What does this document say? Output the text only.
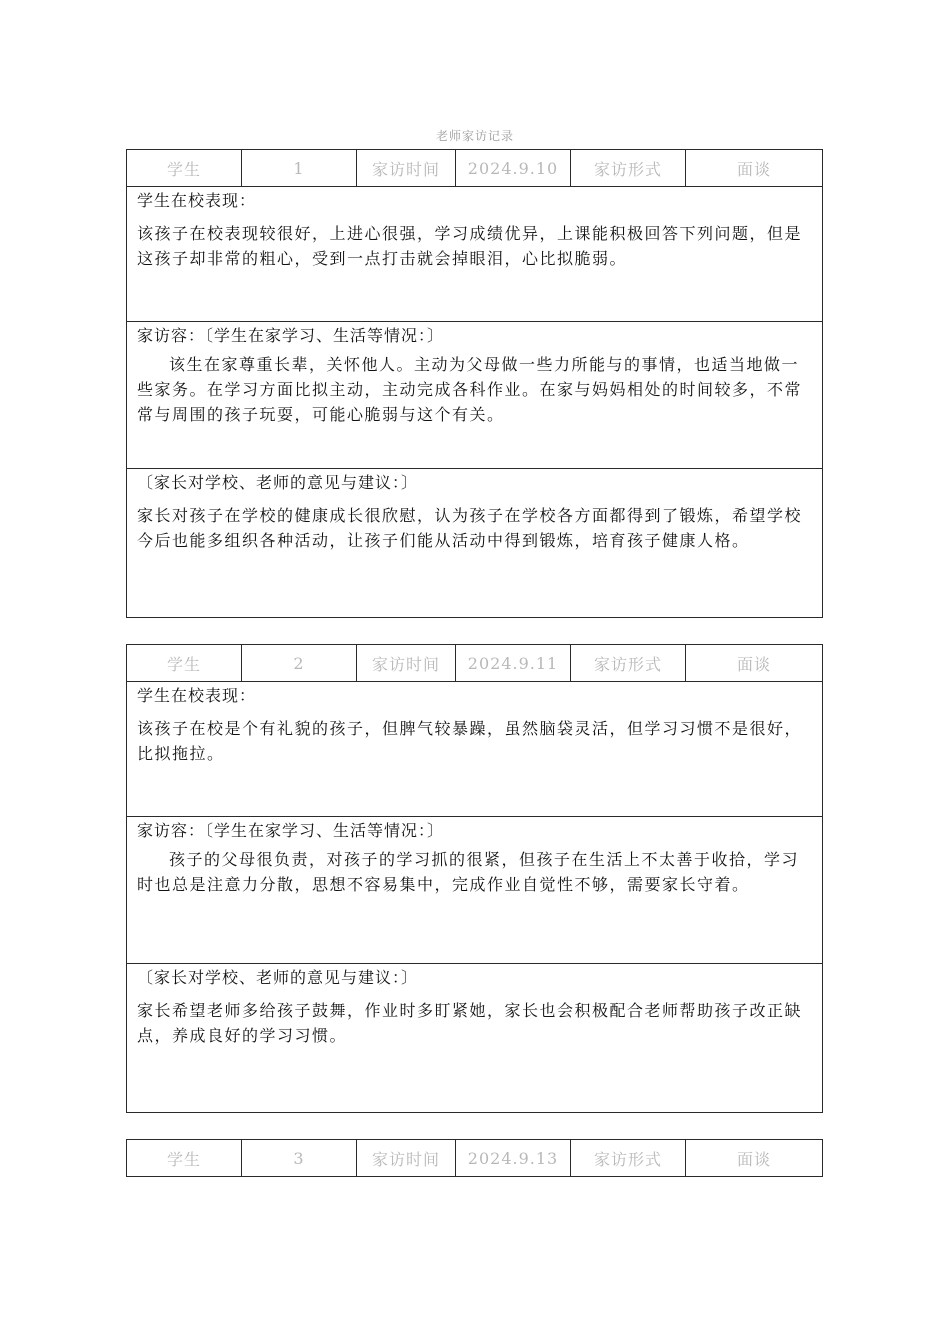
老师家访记录
学生	1	家访时间	2024.9.10	家访形式	面谈
学生在校表现：
该孩子在校表现较很好，上进心很强，学习成绩优异，上课能积极回答下列问题，但是这孩子却非常的粗心，受到一点打击就会掉眼泪，心比拟脆弱。
家访容：〔学生在家学习、生活等情况：〕
该生在家尊重长辈，关怀他人。主动为父母做一些力所能与的事情，也适当地做一些家务。在学习方面比拟主动，主动完成各科作业。在家与妈妈相处的时间较多，不常常与周围的孩子玩耍，可能心脆弱与这个有关。
〔家长对学校、老师的意见与建议：〕
家长对孩子在学校的健康成长很欣慰，认为孩子在学校各方面都得到了锻炼，希望学校今后也能多组织各种活动，让孩子们能从活动中得到锻炼，培育孩子健康人格。
学生	2	家访时间	2024.9.11	家访形式	面谈
学生在校表现：
该孩子在校是个有礼貌的孩子，但脾气较暴躁，虽然脑袋灵活，但学习习惯不是很好，比拟拖拉。
家访容：〔学生在家学习、生活等情况：〕
孩子的父母很负责，对孩子的学习抓的很紧，但孩子在生活上不太善于收拾，学习时也总是注意力分散，思想不容易集中，完成作业自觉性不够，需要家长守着。
〔家长对学校、老师的意见与建议：〕
家长希望老师多给孩子鼓舞，作业时多盯紧她，家长也会积极配合老师帮助孩子改正缺点，养成良好的学习习惯。
学生	3	家访时间	2024.9.13	家访形式	面谈
